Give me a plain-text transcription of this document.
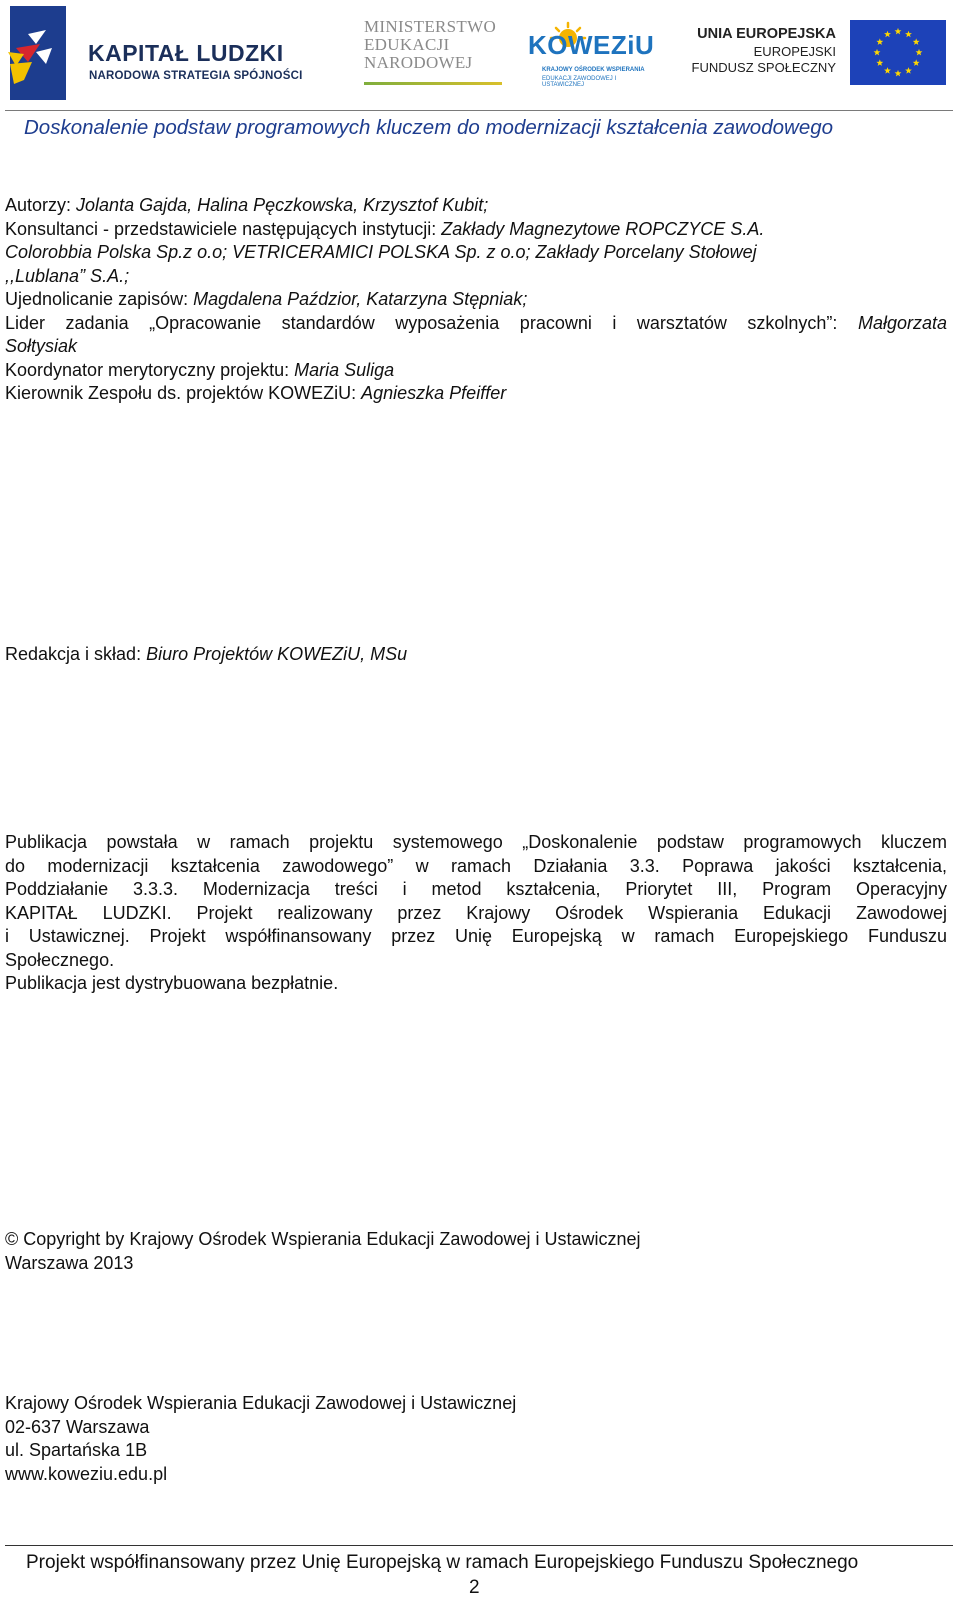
KAPITAŁ LUDZKI
NARODOWA STRATEGIA SPÓJNOŚCI
MINISTERSTWO
EDUKACJI
NARODOWEJ
KOWEZiU
KRAJOWY OŚRODEK WSPIERANIA
EDUKACJI ZAWODOWEJ I USTAWICZNEJ
UNIA EUROPEJSKA
EUROPEJSKI
FUNDUSZ SPOŁECZNY
Doskonalenie podstaw programowych kluczem do modernizacji kształcenia zawodowego
Autorzy: Jolanta Gajda, Halina Pęczkowska, Krzysztof Kubit;
Konsultanci - przedstawiciele następujących instytucji: Zakłady Magnezytowe ROPCZYCE S.A.
Colorobbia Polska Sp.z o.o; VETRICERAMICI POLSKA Sp. z o.o; Zakłady Porcelany Stołowej
,,Lublana” S.A.;
Ujednolicanie zapisów: Magdalena Paździor, Katarzyna Stępniak;
Lider zadania „Opracowanie standardów wyposażenia pracowni i warsztatów szkolnych”: Małgorzata
Sołtysiak
Koordynator merytoryczny projektu: Maria Suliga
Kierownik Zespołu ds. projektów KOWEZiU: Agnieszka Pfeiffer
Redakcja i skład: Biuro Projektów KOWEZiU, MSu
Publikacja powstała w ramach projektu systemowego „Doskonalenie podstaw programowych kluczem
do modernizacji kształcenia zawodowego” w ramach Działania 3.3. Poprawa jakości kształcenia,
Poddziałanie 3.3.3. Modernizacja treści i metod kształcenia, Priorytet III, Program Operacyjny
KAPITAŁ LUDZKI. Projekt realizowany przez Krajowy Ośrodek Wspierania Edukacji Zawodowej
i Ustawicznej. Projekt współfinansowany przez Unię Europejską w ramach Europejskiego Funduszu
Społecznego.
Publikacja jest dystrybuowana bezpłatnie.
© Copyright by Krajowy Ośrodek Wspierania Edukacji Zawodowej i Ustawicznej
Warszawa 2013
Krajowy Ośrodek Wspierania Edukacji Zawodowej i Ustawicznej
02-637 Warszawa
ul. Spartańska 1B
www.koweziu.edu.pl
Projekt współfinansowany przez Unię Europejską w ramach Europejskiego Funduszu Społecznego
2
